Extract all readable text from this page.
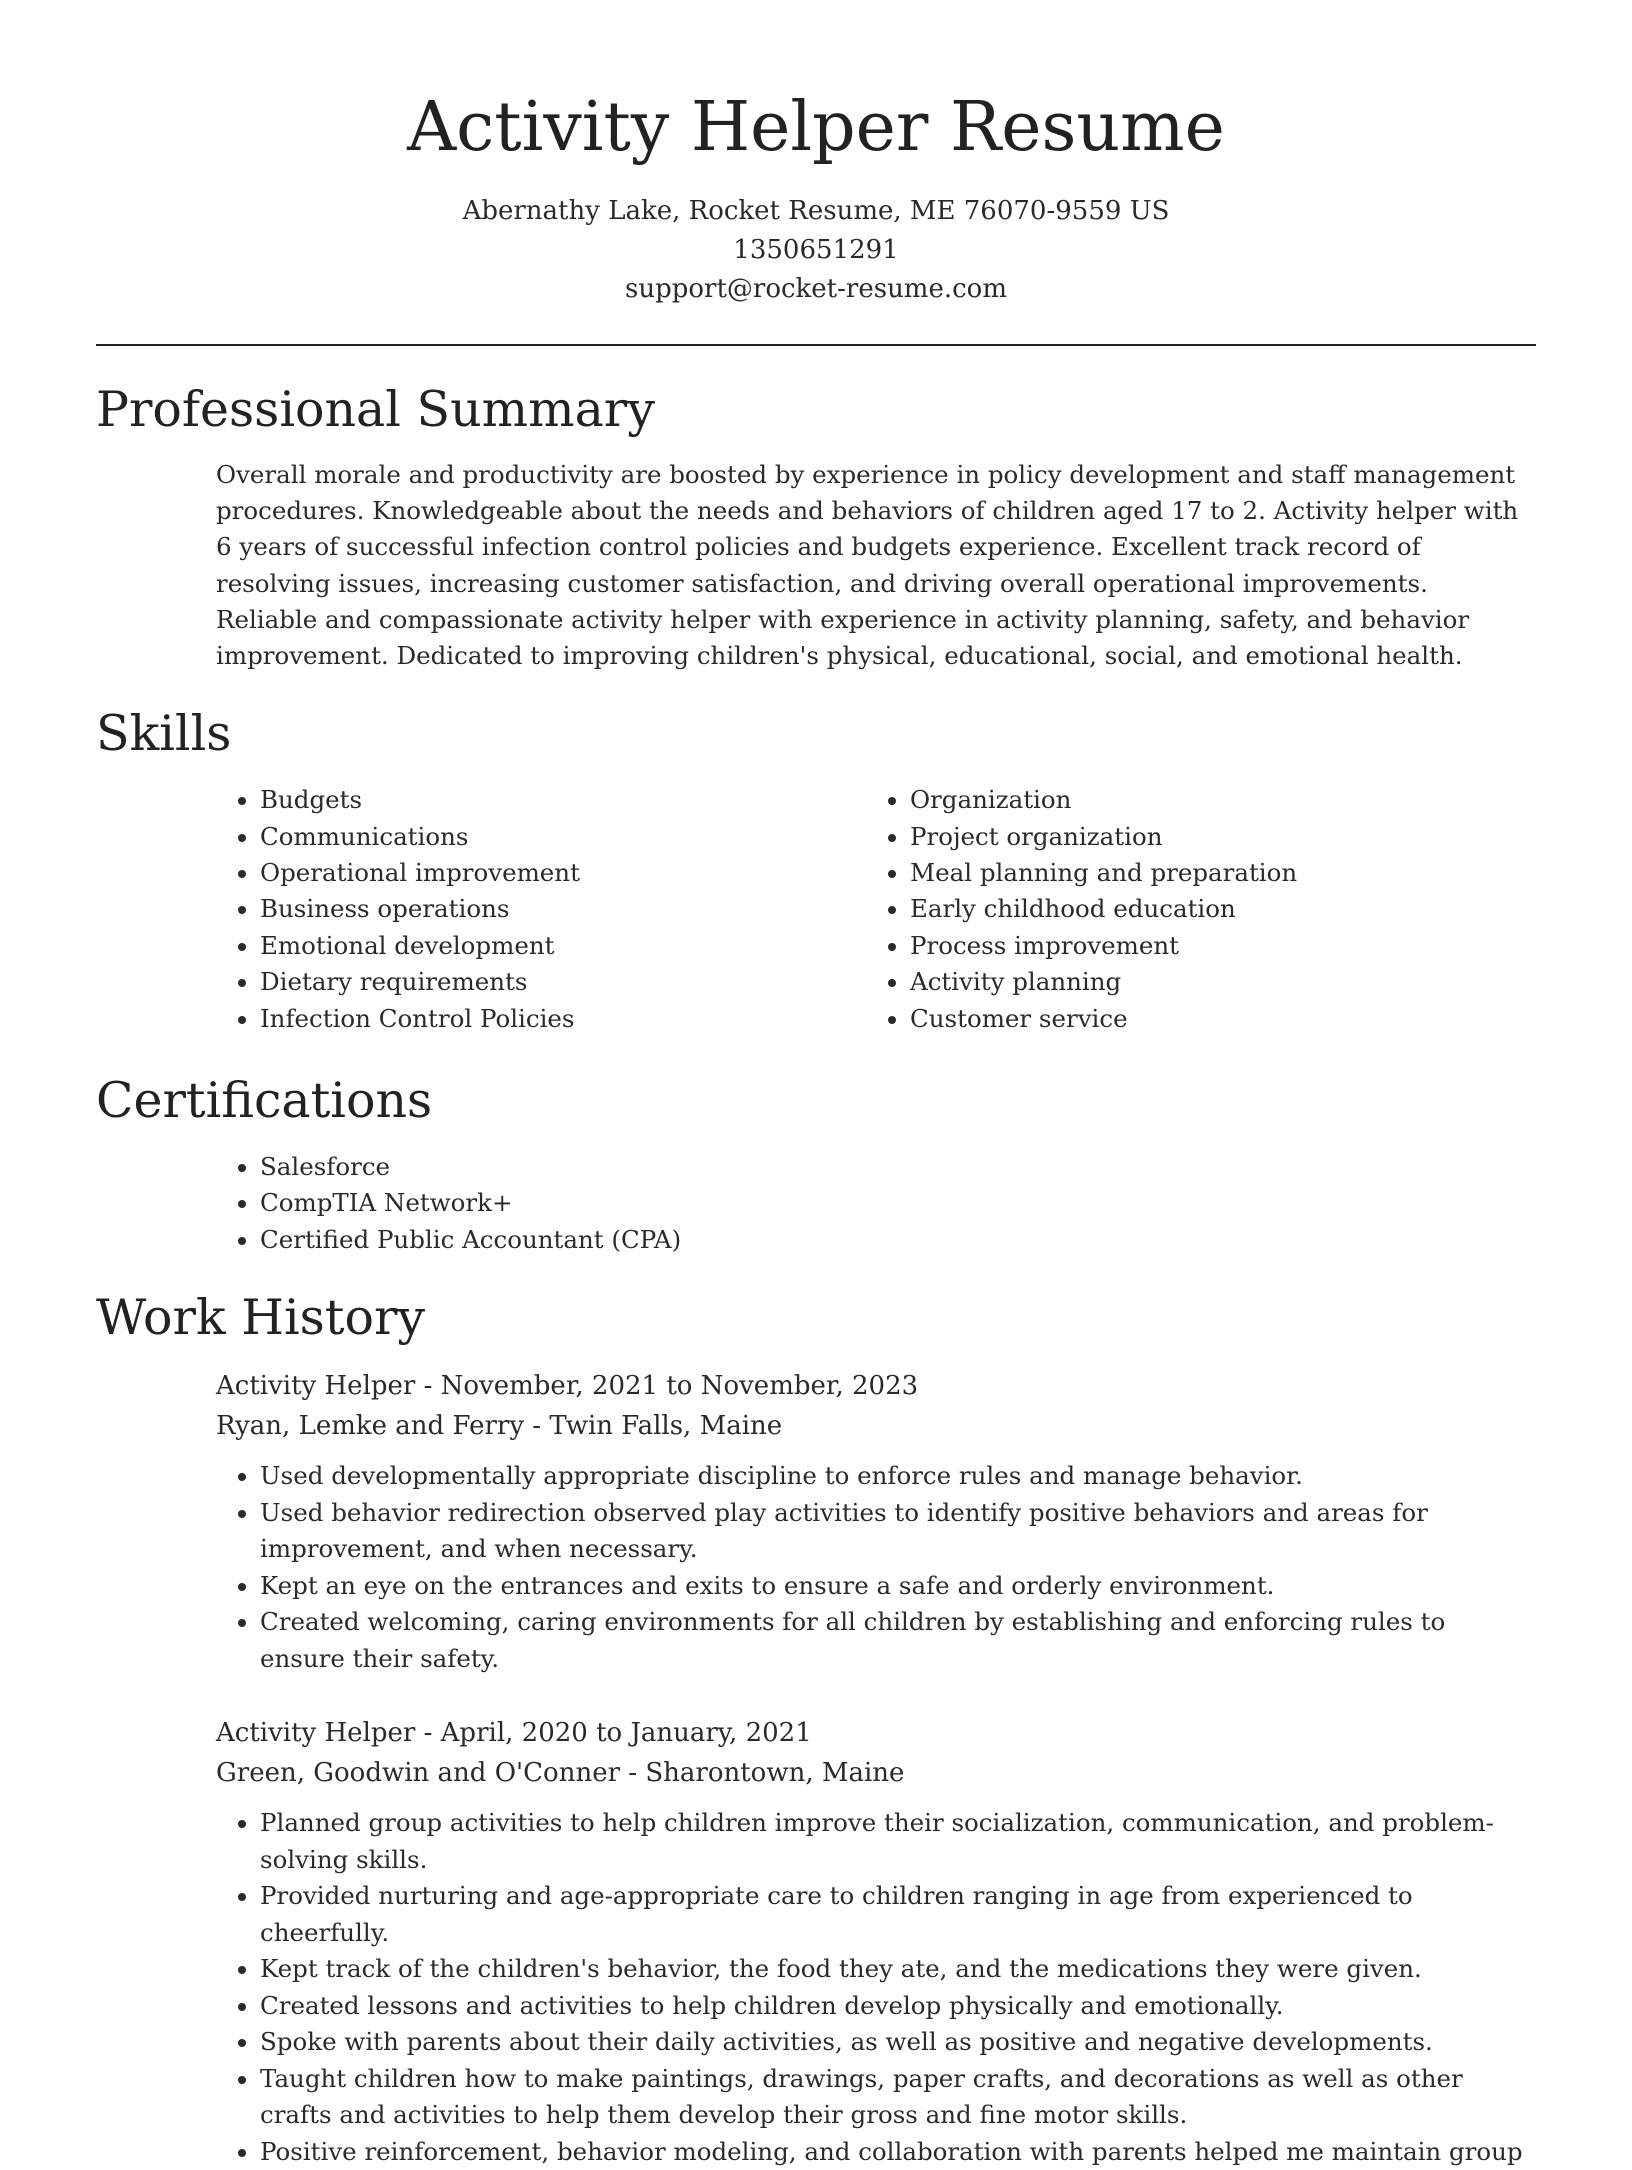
Activity Helper Resume
Abernathy Lake, Rocket Resume, ME 76070-9559 US
1350651291
support@rocket-resume.com
Professional Summary

Overall morale and productivity are boosted by experience in policy development and staff management procedures. Knowledgeable about the needs and behaviors of children aged 17 to 2. Activity helper with 6 years of successful infection control policies and budgets experience. Excellent track record of resolving issues, increasing customer satisfaction, and driving overall operational improvements. Reliable and compassionate activity helper with experience in activity planning, safety, and behavior improvement. Dedicated to improving children's physical, educational, social, and emotional health.

Skills
• Budgets
• Communications
• Operational improvement
• Business operations
• Emotional development
• Dietary requirements
• Infection Control Policies
• Organization
• Project organization
• Meal planning and preparation
• Early childhood education
• Process improvement
• Activity planning
• Customer service
Certifications
• Salesforce
• CompTIA Network+
• Certified Public Accountant (CPA)
Work History

Activity Helper - November, 2021 to November, 2023

Ryan, Lemke and Ferry - Twin Falls, Maine

• Used developmentally appropriate discipline to enforce rules and manage behavior.
• Used behavior redirection observed play activities to identify positive behaviors and areas for improvement, and when necessary.
• Kept an eye on the entrances and exits to ensure a safe and orderly environment.
• Created welcoming, caring environments for all children by establishing and enforcing rules to ensure their safety.

Activity Helper - April, 2020 to January, 2021

Green, Goodwin and O'Conner - Sharontown, Maine

• Planned group activities to help children improve their socialization, communication, and problem-solving skills.
• Provided nurturing and age-appropriate care to children ranging in age from experienced to cheerfully.
• Kept track of the children's behavior, the food they ate, and the medications they were given.
• Created lessons and activities to help children develop physically and emotionally.
• Spoke with parents about their daily activities, as well as positive and negative developments.
• Taught children how to make paintings, drawings, paper crafts, and decorations as well as other crafts and activities to help them develop their gross and fine motor skills.
• Positive reinforcement, behavior modeling, and collaboration with parents helped me maintain group
